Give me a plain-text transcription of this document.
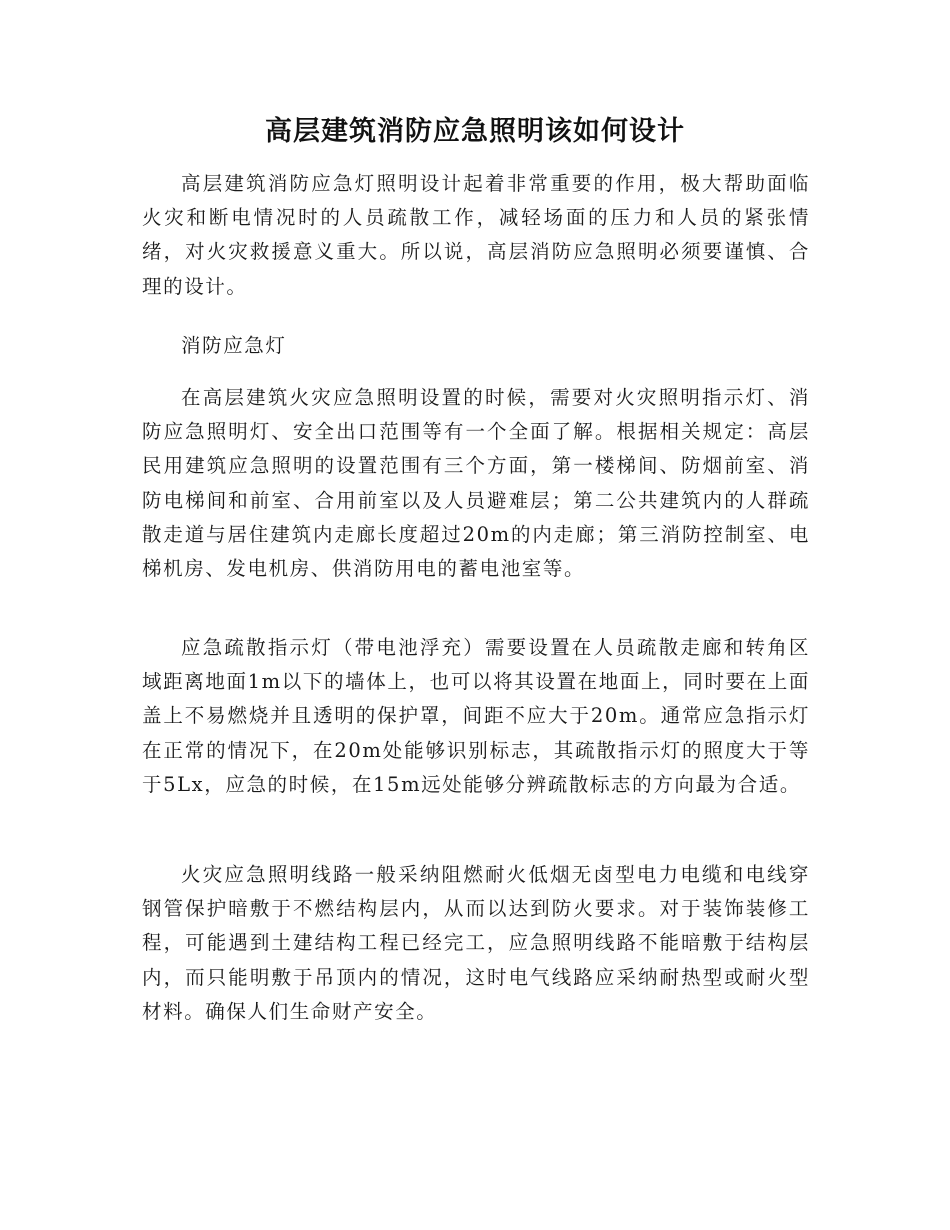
高层建筑消防应急照明该如何设计

高层建筑消防应急灯照明设计起着非常重要的作用，极大帮助面临火灾和断电情况时的人员疏散工作，减轻场面的压力和人员的紧张情绪，对火灾救援意义重大。所以说，高层消防应急照明必须要谨慎、合理的设计。

消防应急灯

在高层建筑火灾应急照明设置的时候，需要对火灾照明指示灯、消防应急照明灯、安全出口范围等有一个全面了解。根据相关规定：高层民用建筑应急照明的设置范围有三个方面，第一楼梯间、防烟前室、消防电梯间和前室、合用前室以及人员避难层；第二公共建筑内的人群疏散走道与居住建筑内走廊长度超过20m的内走廊；第三消防控制室、电梯机房、发电机房、供消防用电的蓄电池室等。

应急疏散指示灯（带电池浮充）需要设置在人员疏散走廊和转角区域距离地面1m以下的墙体上，也可以将其设置在地面上，同时要在上面盖上不易燃烧并且透明的保护罩，间距不应大于20m。通常应急指示灯在正常的情况下，在20m处能够识别标志，其疏散指示灯的照度大于等于5Lx，应急的时候，在15m远处能够分辨疏散标志的方向最为合适。

火灾应急照明线路一般采纳阻燃耐火低烟无卤型电力电缆和电线穿钢管保护暗敷于不燃结构层内，从而以达到防火要求。对于装饰装修工程，可能遇到土建结构工程已经完工，应急照明线路不能暗敷于结构层内，而只能明敷于吊顶内的情况，这时电气线路应采纳耐热型或耐火型材料。确保人们生命财产安全。
